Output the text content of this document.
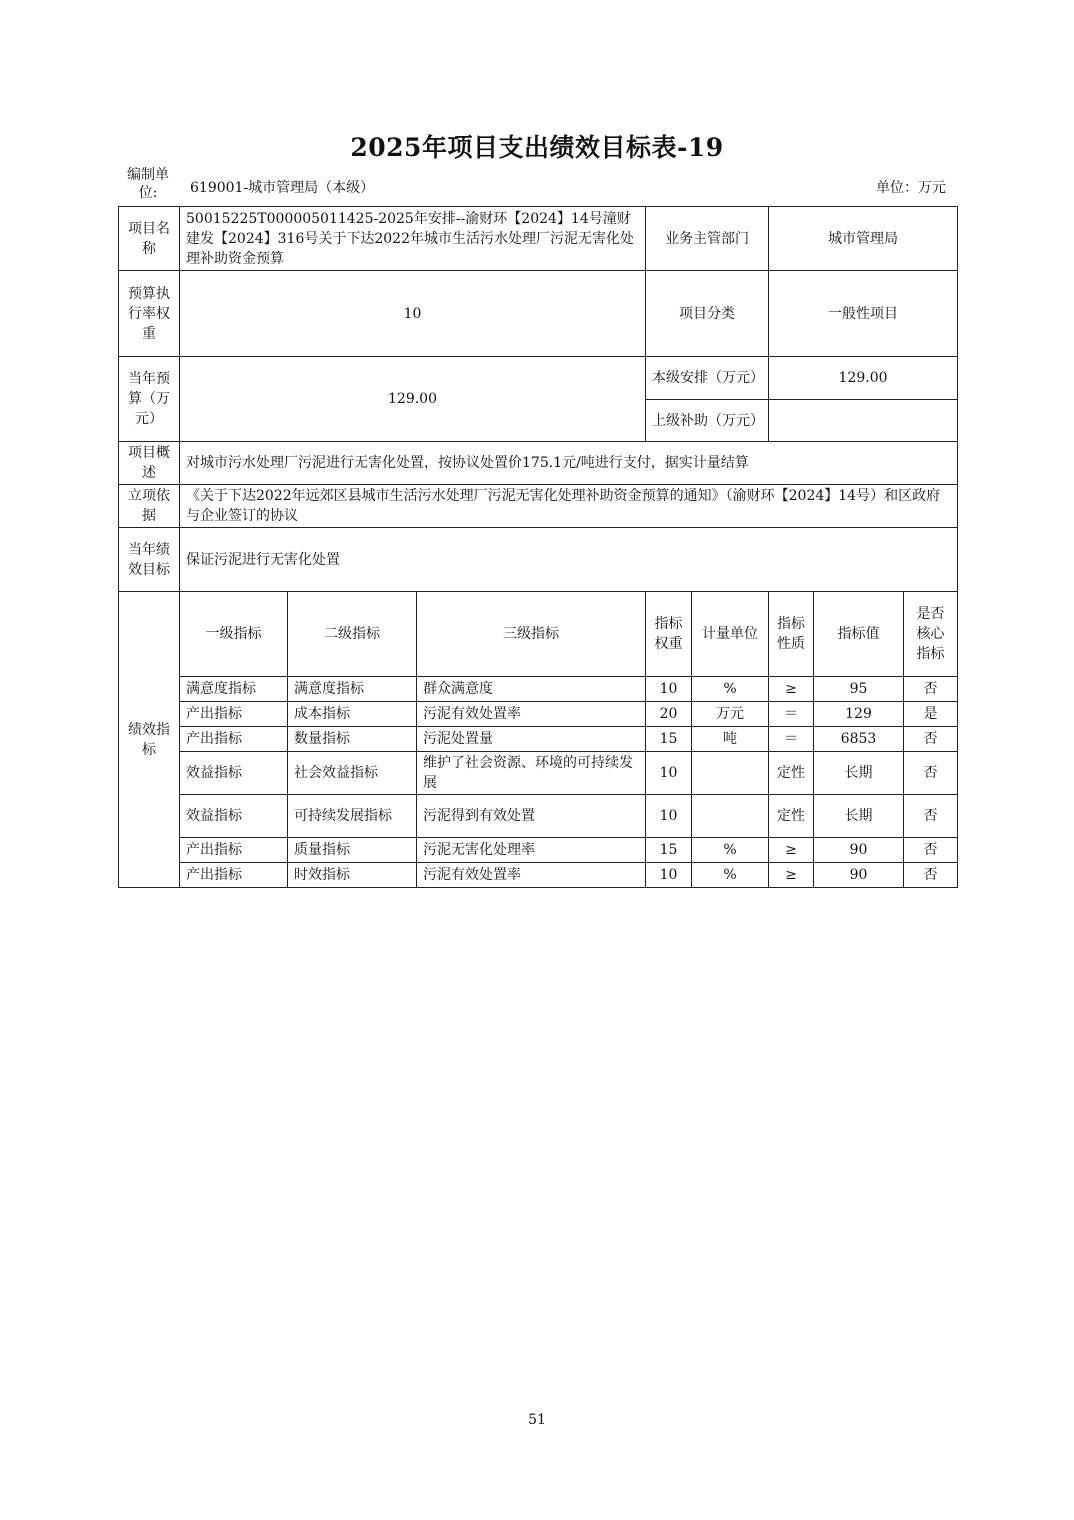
2025年项目支出绩效目标表-19
编制单位:	619001-城市管理局（本级）	单位：万元
项目名称	50015225T000005011425-2025年安排--渝财环【2024】14号潼财建发【2024】316号关于下达2022年城市生活污水处理厂污泥无害化处理补助资金预算			业务主管部门		城市管理局		
预算执行率权重	10			项目分类		一般性项目		
当年预算（万元）	129.00			本级安排（万元）		129.00		
				上级补助（万元）				
项目概述	对城市污水处理厂污泥进行无害化处置，按协议处置价175.1元/吨进行支付，据实计量结算							
立项依据	《关于下达2022年远郊区县城市生活污水处理厂污泥无害化处理补助资金预算的通知》（渝财环【2024】14号）和区政府与企业签订的协议							
当年绩效目标	保证污泥进行无害化处置							
绩效指标	一级指标	二级指标	三级指标	指标权重	计量单位	指标性质	指标值	是否核心指标
	满意度指标	满意度指标	群众满意度	10	%	≥	95	否
	产出指标	成本指标	污泥有效处置率	20	万元	＝	129	是
	产出指标	数量指标	污泥处置量	15	吨	＝	6853	否
	效益指标	社会效益指标	维护了社会资源、环境的可持续发展	10		定性	长期	否
	效益指标	可持续发展指标	污泥得到有效处置	10		定性	长期	否
	产出指标	质量指标	污泥无害化处理率	15	%	≥	90	否
	产出指标	时效指标	污泥有效处置率	10	%	≥	90	否
51
